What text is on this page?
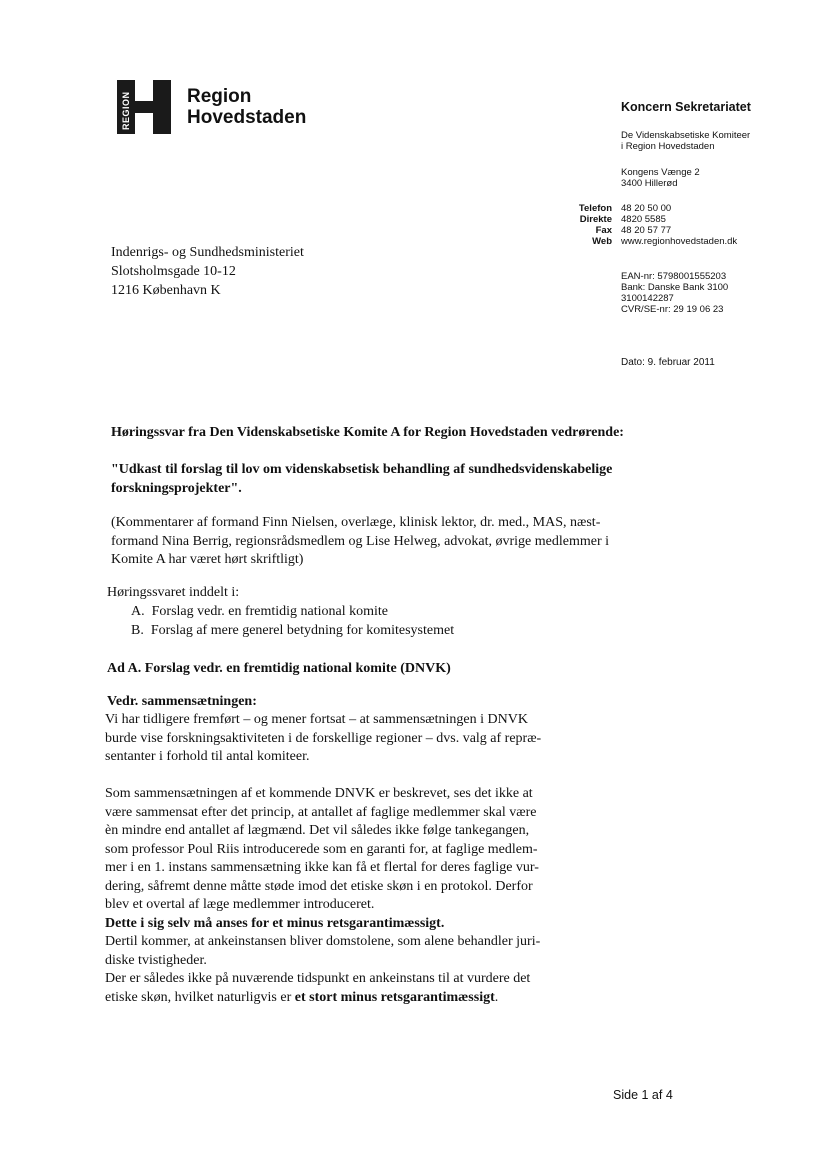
REGION	Region
Hovedstaden	Koncern Sekretariatet
De Videnskabsetiske Komiteer
i Region Hovedstaden
Kongens Vænge 2
3400 Hillerød
Telefon
Direkte
Fax
Web
48 20 50 00
4820 5585
48 20 57 77
www.regionhovedstaden.dk
EAN-nr: 5798001555203
Bank: Danske Bank 3100
3100142287
CVR/SE-nr: 29 19 06 23
Dato: 9. februar 2011
Indenrigs- og Sundhedsministeriet
Slotsholmsgade 10-12
1216 København K
Høringssvar fra Den Videnskabsetiske Komite A for Region Hovedstaden vedrørende:
"Udkast til forslag til lov om videnskabsetisk behandling af sundhedsvidenskabelige
forskningsprojekter".
(Kommentarer af formand Finn Nielsen, overlæge, klinisk lektor, dr. med., MAS, næst-
formand Nina Berrig, regionsrådsmedlem og Lise Helweg, advokat, øvrige medlemmer i
Komite A har været hørt skriftligt)
Høringssvaret inddelt i:
A. Forslag vedr. en fremtidig national komite
B. Forslag af mere generel betydning for komitesystemet
Ad A. Forslag vedr. en fremtidig national komite (DNVK)
Vedr. sammensætningen:
Vi har tidligere fremført – og mener fortsat – at sammensætningen i DNVK
burde vise forskningsaktiviteten i de forskellige regioner – dvs. valg af repræ-
sentanter i forhold til antal komiteer.
Som sammensætningen af et kommende DNVK er beskrevet, ses det ikke at
være sammensat efter det princip, at antallet af faglige medlemmer skal være
èn mindre end antallet af lægmænd. Det vil således ikke følge tankegangen,
som professor Poul Riis introducerede som en garanti for, at faglige medlem-
mer i en 1. instans sammensætning ikke kan få et flertal for deres faglige vur-
dering, såfremt denne måtte støde imod det etiske skøn i en protokol. Derfor
blev et overtal af læge medlemmer introduceret.
Dette i sig selv må anses for et minus retsgarantimæssigt.
Dertil kommer, at ankeinstansen bliver domstolene, som alene behandler juri-
diske tvistigheder.
Der er således ikke på nuværende tidspunkt en ankeinstans til at vurdere det
etiske skøn, hvilket naturligvis er et stort minus retsgarantimæssigt.
Side 1 af 4
